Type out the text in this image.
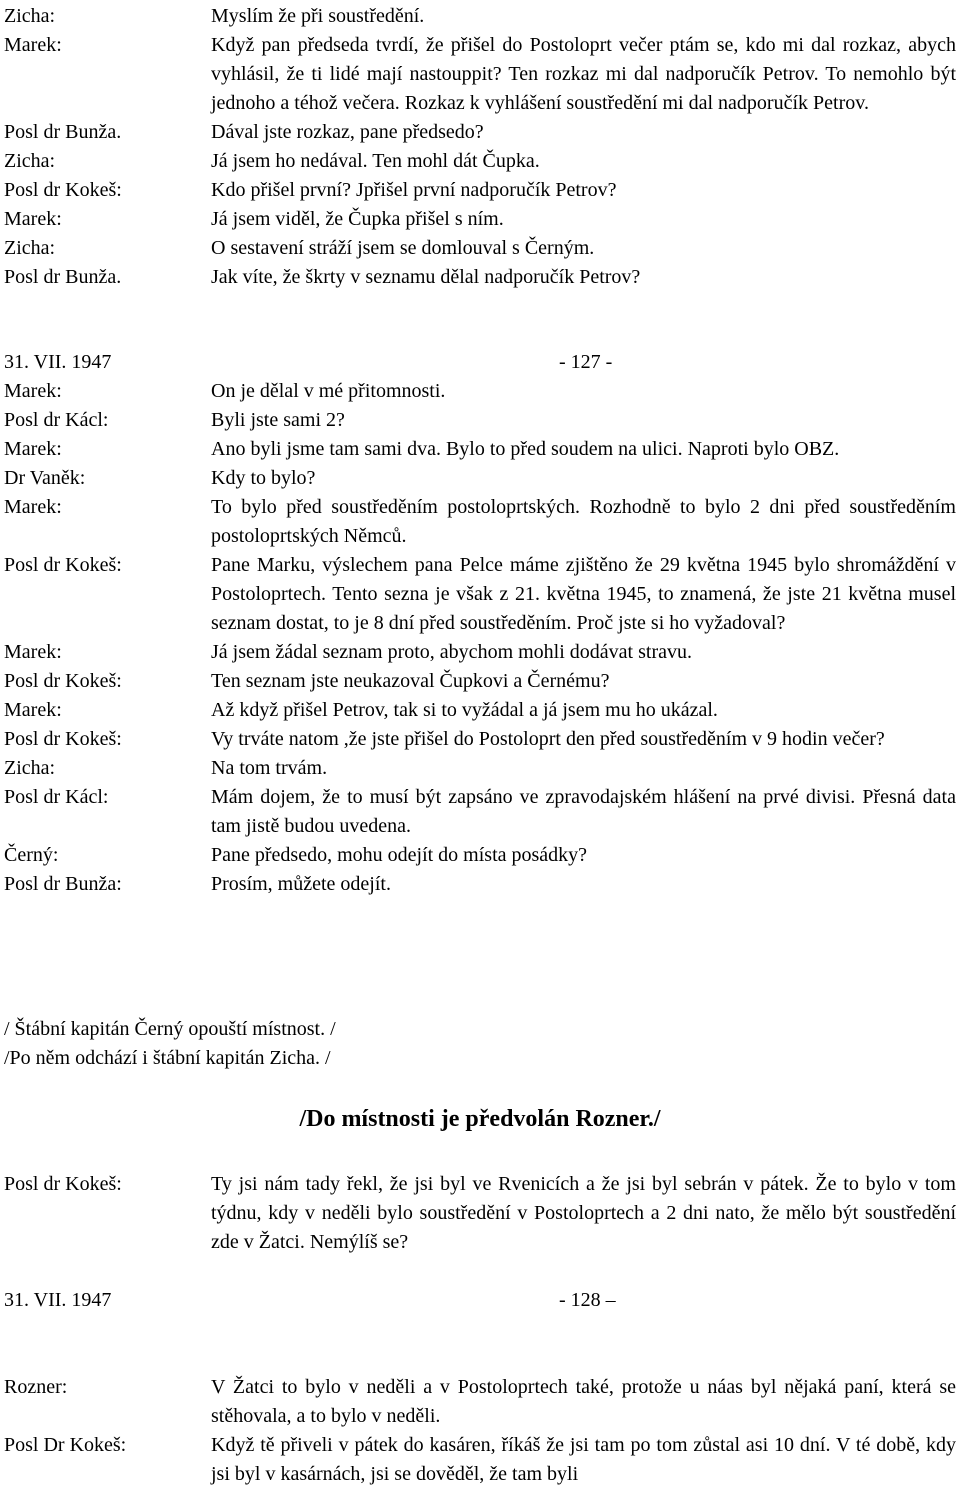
Zicha:	Myslím že při soustředění.
Marek:	Když pan předseda tvrdí, že přišel do Postoloprt večer ptám se, kdo mi dal rozkaz, abych vyhlásil, že ti lidé mají nastouppit? Ten rozkaz mi dal nadporučík Petrov. To nemohlo být jednoho a téhož večera. Rozkaz k vyhlášení soustředění mi dal nadporučík Petrov.
Posl dr Bunža.	Dával jste rozkaz, pane předsedo?
Zicha:	Já jsem ho nedával. Ten mohl dát Čupka.
Posl dr Kokeš:	Kdo přišel první? Jpřišel první nadporučík Petrov?
Marek:	Já jsem viděl, že Čupka přišel s ním.
Zicha:	O sestavení stráží jsem se domlouval s Černým.
Posl dr Bunža.	Jak víte, že škrty v seznamu dělal nadporučík Petrov?
31. VII. 1947	- 127 -
Marek:	On je dělal v mé přitomnosti.
Posl dr Kácl:	Byli jste sami 2?
Marek:	Ano byli jsme tam sami dva. Bylo to před soudem na ulici. Naproti bylo OBZ.
Dr Vaněk:	Kdy to bylo?
Marek:	To bylo před soustředěním postoloprtských. Rozhodně to bylo 2 dni před soustředěním postoloprtských Němců.
Posl dr Kokeš:	Pane Marku, výslechem pana Pelce máme zjištěno že 29 května 1945 bylo shromáždění v Postoloprtech. Tento sezna je však z 21. května 1945, to znamená, že jste 21 května musel seznam dostat, to je 8 dní před soustředěním. Proč jste si ho vyžadoval?
Marek:	Já jsem žádal seznam proto, abychom mohli dodávat stravu.
Posl dr Kokeš:	Ten seznam jste neukazoval Čupkovi a Černému?
Marek:	Až když přišel Petrov, tak si to vyžádal a já jsem mu ho ukázal.
Posl dr Kokeš:	Vy trváte natom ,že jste přišel do Postoloprt den před soustředěním v 9 hodin večer?
Zicha:	Na tom trvám.
Posl dr Kácl:	Mám dojem, že to musí být zapsáno ve zpravodajském hlášení na prvé divisi. Přesná data tam jistě budou uvedena.
Černý:	Pane předsedo, mohu odejít do místa posádky?
Posl dr Bunža:	Prosím, můžete odejít.
/ Štábní kapitán Černý opouští místnost. /
/Po něm odchází i štábní kapitán Zicha. /
/Do místnosti je předvolán Rozner./
Posl dr Kokeš:	Ty jsi nám tady řekl, že jsi byl ve Rvenicích a že jsi byl sebrán v pátek. Že to bylo v tom týdnu, kdy v neděli bylo soustředění v Postoloprtech a 2 dni nato, že mělo být soustředění zde v Žatci. Nemýlíš se?
31. VII. 1947	- 128 –
Rozner:	V Žatci to bylo v neděli a v Postoloprtech také, protože u náas byl nějaká paní, která se stěhovala, a to bylo v neděli.
Posl Dr Kokeš:	Když tě přiveli v pátek do kasáren, říkáš že jsi tam po tom zůstal asi 10 dní. V té době, kdy jsi byl v kasárnách, jsi se dověděl, že tam byli
